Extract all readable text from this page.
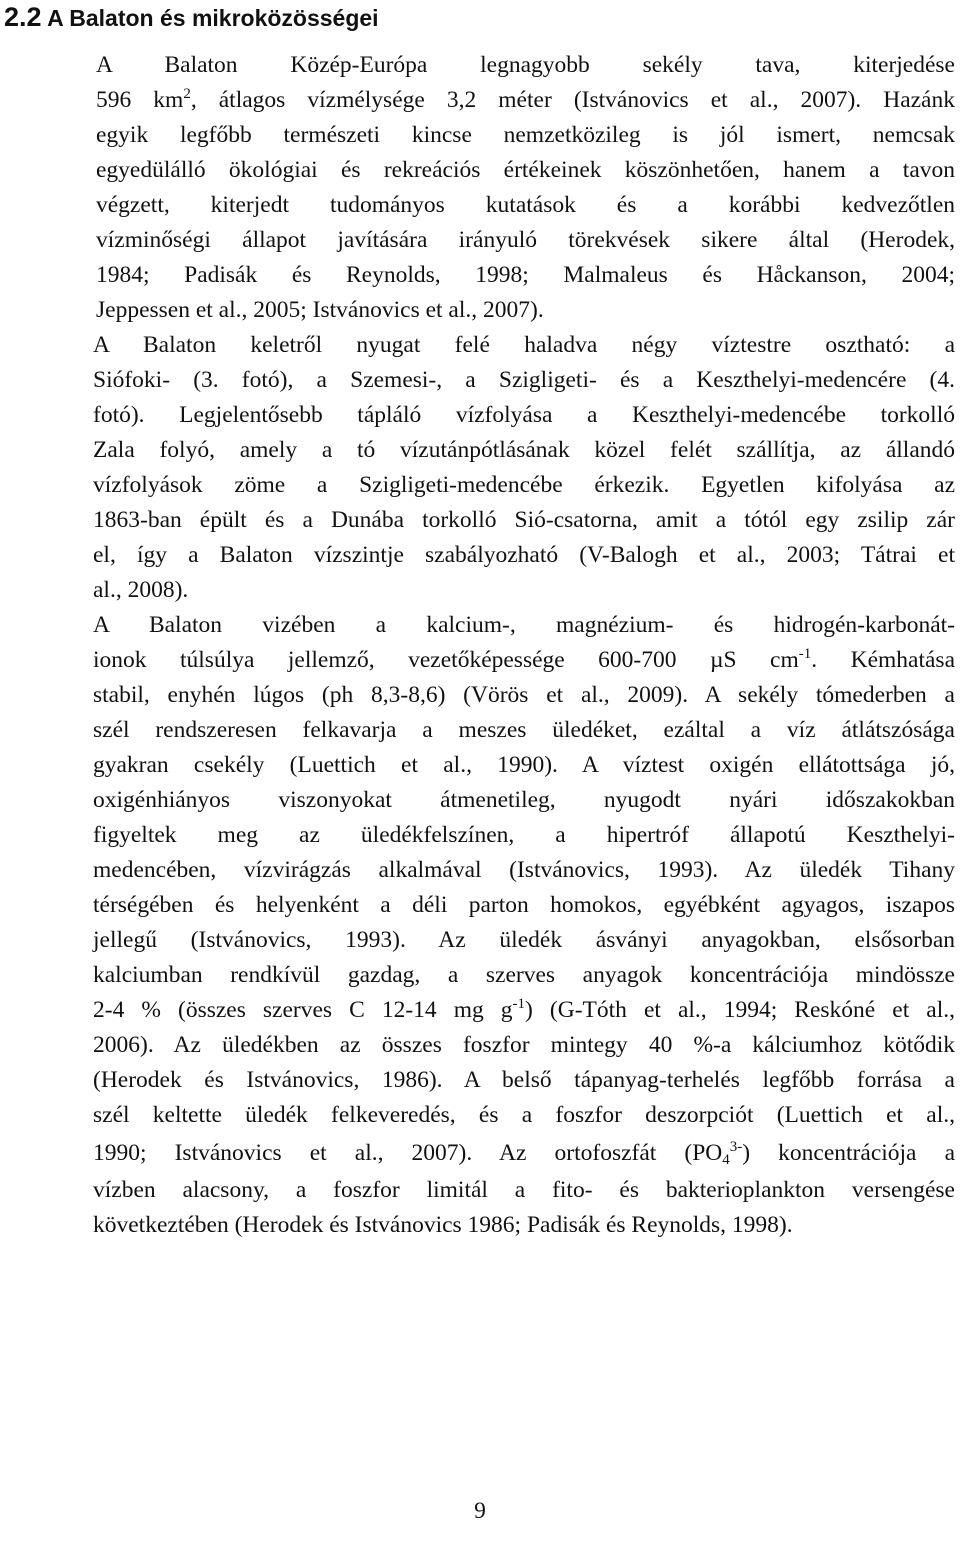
2.2 A Balaton és mikroközösségei

A Balaton Közép-Európa legnagyobb sekély tava, kiterjedése
596 $km^2$, átlagos vízmélysége 3,2 méter (Istvánovics et al., 2007). Hazánk
egyik legfőbb természeti kincse nemzetközileg is jól ismert, nemcsak
egyedülálló ökológiai és rekreációs értékeinek köszönhetően, hanem a tavon
végzett, kiterjedt tudományos kutatások és a korábbi kedvezőtlen
vízminőségi állapot javítására irányuló törekvések sikere által (Herodek,
1984; Padisák és Reynolds, 1998; Malmaleus és Håckanson, 2004;
Jeppessen et al., 2005; Istvánovics et al., 2007).

A Balaton keletről nyugat felé haladva négy víztestre osztható: a
Siófoki- (3. fotó), a Szemesi-, a Szigligeti- és a Keszthelyi-medencére (4.
fotó). Legjelentősebb tápláló vízfolyása a Keszthelyi-medencébe torkolló
Zala folyó, amely a tó vízutánpótlásának közel felét szállítja, az állandó
vízfolyások zöme a Szigligeti-medencébe érkezik. Egyetlen kifolyása az
1863-ban épült és a Dunába torkolló Sió-csatorna, amit a tótól egy zsilip zár
el, így a Balaton vízszintje szabályozható (V-Balogh et al., 2003; Tátrai et
al., 2008).

A Balaton vizében a kalcium-, magnézium- és hidrogén-karbonát-
ionok túlsúlya jellemző, vezetőképessége 600-700 µS $cm^{-1}$. Kémhatása
stabil, enyhén lúgos (ph 8,3-8,6) (Vörös et al., 2009). A sekély tómederben a
szél rendszeresen felkavarja a meszes üledéket, ezáltal a víz átlátszósága
gyakran csekély (Luettich et al., 1990). A víztest oxigén ellátottsága jó,
oxigénhiányos viszonyokat átmenetileg, nyugodt nyári időszakokban
figyeltek meg az üledékfelszínen, a hipertróf állapotú Keszthelyi-
medencében, vízvirágzás alkalmával (Istvánovics, 1993). Az üledék Tihany
térségében és helyenként a déli parton homokos, egyébként agyagos, iszapos
jellegű (Istvánovics, 1993). Az üledék ásványi anyagokban, elsősorban
kalciumban rendkívül gazdag, a szerves anyagok koncentrációja mindössze
2-4 % (összes szerves C 12-14 mg $g^{-1}$) (G-Tóth et al., 1994; Reskóné et al.,
2006). Az üledékben az összes foszfor mintegy 40 %-a kálciumhoz kötődik
(Herodek és Istvánovics, 1986). A belső tápanyag-terhelés legfőbb forrása a
szél keltette üledék felkeveredés, és a foszfor deszorpciót (Luettich et al.,
1990; Istvánovics et al., 2007). Az ortofoszfát $(PO_4^{3-})$ koncentrációja a
vízben alacsony, a foszfor limitál a fito- és bakterioplankton versengése
következtében (Herodek és Istvánovics 1986; Padisák és Reynolds, 1998).

9
